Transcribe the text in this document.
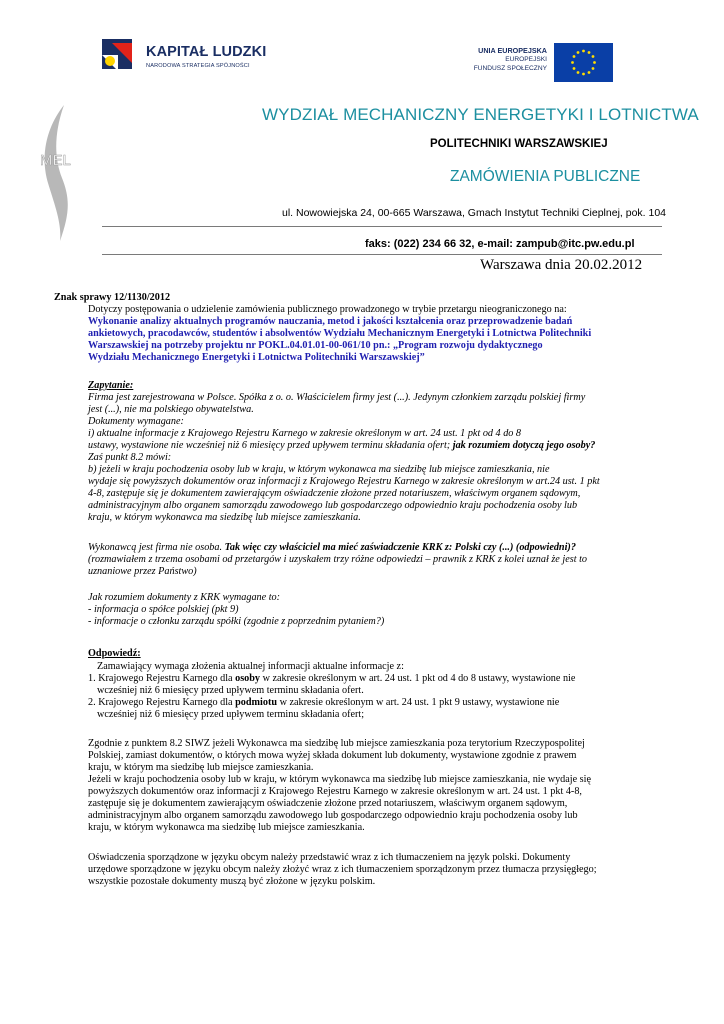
KAPITAŁ LUDZKI
NARODOWA STRATEGIA SPÓJNOŚCI
UNIA EUROPEJSKA
EUROPEJSKI
FUNDUSZ SPOŁECZNY
MEL
WYDZIAŁ MECHANICZNY ENERGETYKI I LOTNICTWA
POLITECHNIKI WARSZAWSKIEJ
ZAMÓWIENIA PUBLICZNE
ul. Nowowiejska 24, 00-665 Warszawa, Gmach Instytut Techniki Cieplnej, pok. 104
faks: (022) 234 66 32, e-mail: zampub@itc.pw.edu.pl
Warszawa dnia 20.02.2012
Znak sprawy 12/1130/2012
Dotyczy postępowania o udzielenie zamówienia publicznego prowadzonego w trybie przetargu nieograniczonego na:
Wykonanie analizy aktualnych programów nauczania, metod i jakości kształcenia oraz przeprowadzenie badań
ankietowych, pracodawców, studentów i absolwentów Wydziału Mechanicznym Energetyki i Lotnictwa Politechniki
Warszawskiej na potrzeby projektu nr POKL.04.01.01-00-061/10 pn.: „Program rozwoju dydaktycznego
Wydziału Mechanicznego Energetyki i Lotnictwa Politechniki Warszawskiej”
Zapytanie:
Firma jest zarejestrowana w Polsce. Spółka z o. o. Właścicielem firmy jest (...). Jedynym członkiem zarządu polskiej firmy
jest (...), nie ma polskiego obywatelstwa.
Dokumenty wymagane:
i) aktualne informacje z Krajowego Rejestru Karnego w zakresie określonym w art. 24 ust. 1 pkt od 4 do 8
ustawy, wystawione nie wcześniej niż 6 miesięcy przed upływem terminu składania ofert; jak rozumiem dotyczą jego osoby?
Zaś punkt 8.2 mówi:
b) jeżeli w kraju pochodzenia osoby lub w kraju, w którym wykonawca ma siedzibę lub miejsce zamieszkania, nie
wydaje się powyższych dokumentów oraz informacji z Krajowego Rejestru Karnego w zakresie określonym w art.24 ust. 1 pkt
4-8, zastępuje się je dokumentem zawierającym oświadczenie złożone przed notariuszem, właściwym organem sądowym,
administracyjnym albo organem samorządu zawodowego lub gospodarczego odpowiednio kraju pochodzenia osoby lub
kraju, w którym wykonawca ma siedzibę lub miejsce zamieszkania.
Wykonawcą jest firma nie osoba. Tak więc czy właściciel ma mieć zaświadczenie KRK z: Polski czy (...) (odpowiedni)?
(rozmawiałem z trzema osobami od przetargów i uzyskałem trzy różne odpowiedzi – prawnik z KRK z kolei uznał że jest to
uznaniowe przez Państwo)
Jak rozumiem dokumenty z KRK wymagane to:
- informacja o spółce polskiej (pkt 9)
- informacje o członku zarządu spółki (zgodnie z poprzednim pytaniem?)
Odpowiedź:
Zamawiający wymaga złożenia aktualnej informacji aktualne informacje z:
1. Krajowego Rejestru Karnego dla osoby w zakresie określonym w art. 24 ust. 1 pkt od 4 do 8 ustawy, wystawione nie
wcześniej niż 6 miesięcy przed upływem terminu składania ofert.
2. Krajowego Rejestru Karnego dla podmiotu w zakresie określonym w art. 24 ust. 1 pkt 9 ustawy, wystawione nie
wcześniej niż 6 miesięcy przed upływem terminu składania ofert;
Zgodnie z punktem 8.2 SIWZ jeżeli Wykonawca ma siedzibę lub miejsce zamieszkania poza terytorium Rzeczypospolitej
Polskiej, zamiast dokumentów, o których mowa wyżej składa dokument lub dokumenty, wystawione zgodnie z prawem
kraju, w którym ma siedzibę lub miejsce zamieszkania.
Jeżeli w kraju pochodzenia osoby lub w kraju, w którym wykonawca ma siedzibę lub miejsce zamieszkania, nie wydaje się
powyższych dokumentów oraz informacji z Krajowego Rejestru Karnego w zakresie określonym w art. 24 ust. 1 pkt 4-8,
zastępuje się je dokumentem zawierającym oświadczenie złożone przed notariuszem, właściwym organem sądowym,
administracyjnym albo organem samorządu zawodowego lub gospodarczego odpowiednio kraju pochodzenia osoby lub
kraju, w którym wykonawca ma siedzibę lub miejsce zamieszkania.
Oświadczenia sporządzone w języku obcym należy przedstawić wraz z ich tłumaczeniem na język polski. Dokumenty
urzędowe sporządzone w języku obcym należy złożyć wraz z ich tłumaczeniem sporządzonym przez tłumacza przysięgłego;
wszystkie pozostałe dokumenty muszą być złożone w języku polskim.
